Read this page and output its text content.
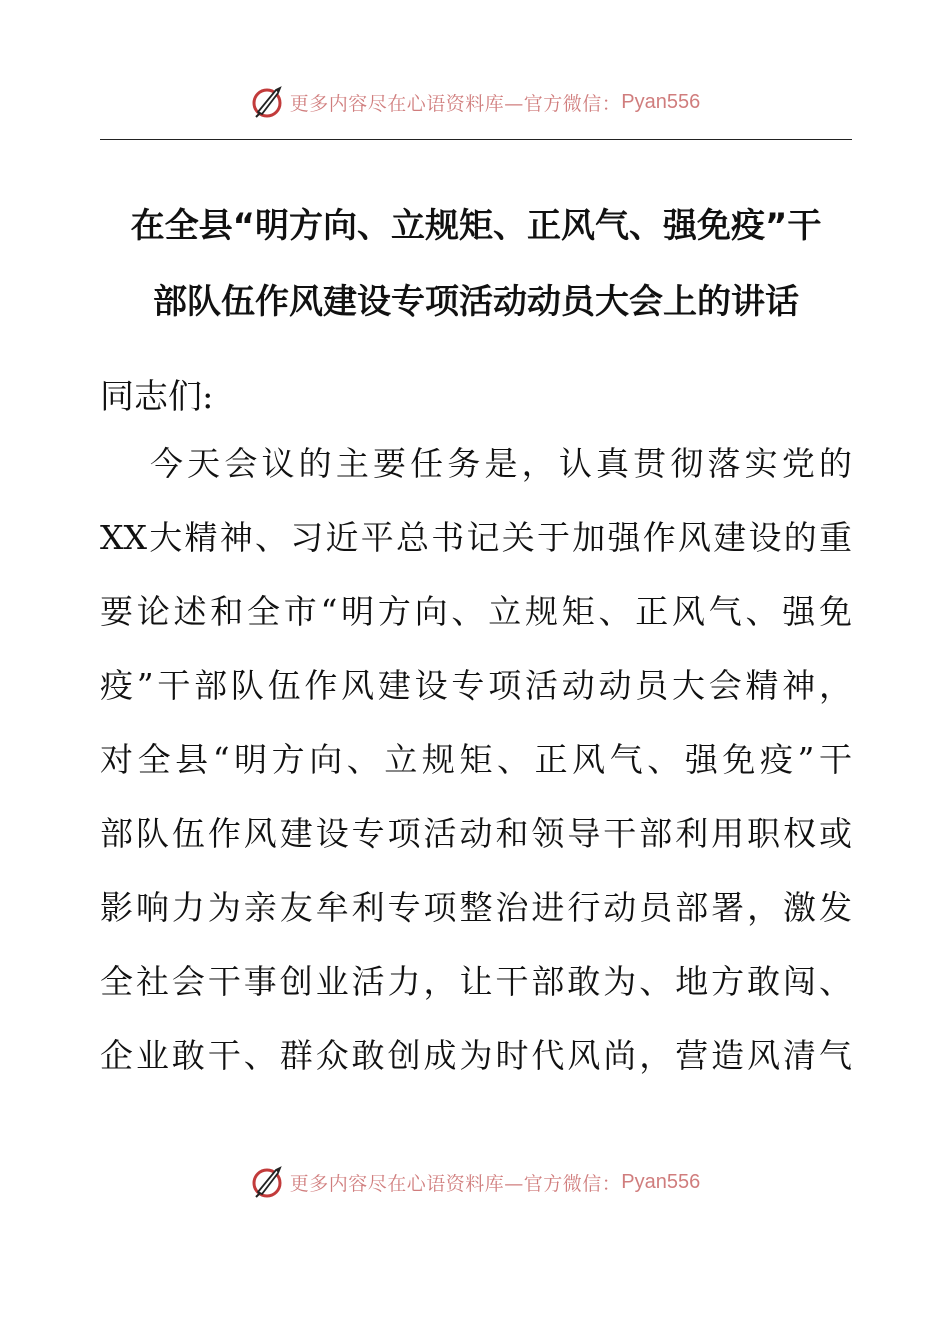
更多内容尽在心语资料库—官方微信： Pyan556
在全县“明方向、立规矩、正风气、强免疫”干
部队伍作风建设专项活动动员大会上的讲话

同志们:

今天会议的主要任务是，认真贯彻落实党的
XX大精神、习近平总书记关于加强作风建设的重
要论述和全市“明方向、立规矩、正风气、强免
疫”干部队伍作风建设专项活动动员大会精神，
对全县“明方向、立规矩、正风气、强免疫”干
部队伍作风建设专项活动和领导干部利用职权或
影响力为亲友牟利专项整治进行动员部署，激发
全社会干事创业活力，让干部敢为、地方敢闯、
企业敢干、群众敢创成为时代风尚，营造风清气
更多内容尽在心语资料库—官方微信： Pyan556
